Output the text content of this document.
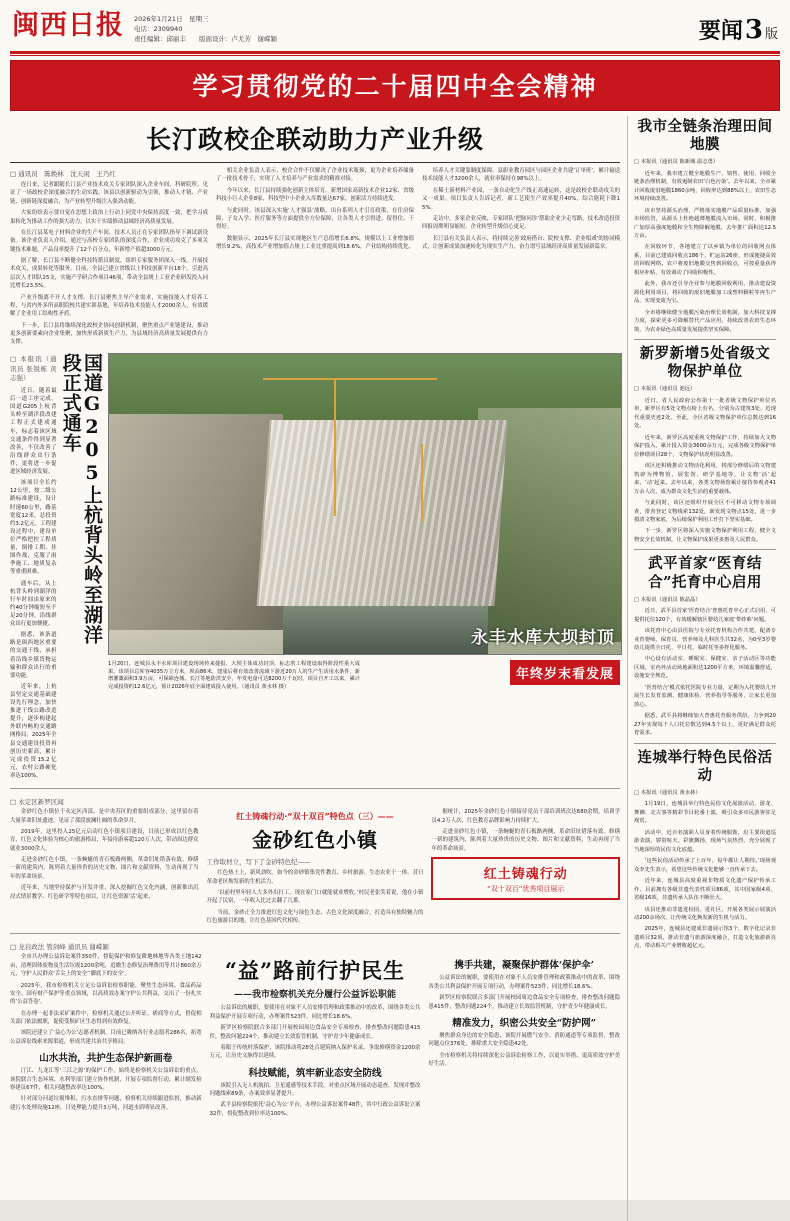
闽西日报 2026年1月21日　星期三
电话：2309940
责任编辑：邱丽丰　　版面设计：卢尤芳　谢嵘颖	要闻 3 版
学习贯彻党的二十届四中全会精神
长汀政校企联动助力产业升级
□ 通讯员　陈焕林　沈天闲　王乃红

连日来，记者跟随长汀县产业技术攻关专家团队深入企业车间、科研院所，见证了一场政校企深度融合的生动实践。该县以创新驱动为引领，推动人才链、产业链、创新链深度融合，为产业转型升级注入强劲动能。

大家纷纷表示要自觉在思想上政治上行动上同党中央保持高度一致，把学习成果转化为推动工作的强大动力，以实干实绩推动县域经济高质量发展。

在长汀县某电子材料企业的生产车间，技术人员正在专家团队指导下调试新设备。该企业负责人介绍，通过与高校专家团队的深度合作，企业成功攻克了多项关键技术难题，产品良率提升了12个百分点，年新增产值超3000万元。

据了解，长汀县不断健全科技特派员制度，组织专家服务团深入一线，开展技术攻关、成果转化等服务。目前，全县已建立省级以上科技创新平台18个，引进高层次人才团队25支，实施产学研合作项目46项，带动全县规上工业企业研发投入同比增长23.5%。

产业升级离不开人才支撑。长汀县聚焦主导产业需求，实施技能人才培养工程，与省内外多所高职院校共建实训基地，年培养技术技能人才2000余人，有效缓解了企业用工结构性矛盾。

下一步，长汀县将继续深化政校企协同创新机制，聚焦重点产业链建设，推动更多创新要素向企业集聚，加快形成新质生产力，为县域经济高质量发展提供有力支撑。

相关企业负责人表示，校企合作不仅解决了企业技术瓶颈，更为企业培养储备了一批技术骨干，实现了人才培养与产业需求的精准对接。

今年以来，长汀县持续强化创新主体培育，新增国家高新技术企业12家、省级科技小巨人企业8家，科技型中小企业入库数量达67家，创新活力持续迸发。

与此同时，该县深入实施‘人才强县’战略，出台系列人才引育政策，在住房保障、子女入学、医疗服务等方面提供全方位保障，让各类人才引得进、留得住、干得好。

数据显示，2025年长汀县实现地区生产总值增长6.8%，规模以上工业增加值增长9.2%，高技术产业增加值占规上工业比重提高到18.6%，产业结构持续优化。

培养人才关键靠制度保障。县职业教育园区与园区企业共建‘订单班’，累计输送技术技能人才3200余人，就业率保持在98%以上。

在稀土新材料产业园，一条自动化生产线正高速运转，这是政校企联动攻关的又一成果。项目负责人告诉记者，新工艺使生产效率提升40%，综合能耗下降15%。

走访中，多家企业反映，专家团队‘把脉问诊’帮助企业少走弯路，技术改造投资回报周期明显缩短，企业转型升级信心更足。

长汀县有关负责人表示，将持续完善‘政府搭台、院校支撑、企业唱戏’的协同模式，让创新成果加速转化为现实生产力，奋力谱写县域经济高质量发展新篇章。

□ 本报讯（通讯员 张锐栋 黄志强）

近日，随着最后一道工序完成，国道G205上杭背头岭至湖洋段改建工程正式建成通车，标志着该区域交通条件得到显著改善，不仅改善了沿线群众出行条件，更将进一步促进区域经济发展。

该项目全长约12公里，按二级公路标准建设，设计时速60公里，路基宽度12米，总投资约3.2亿元。工程建设过程中，建设单位严格把控工程质量，倒排工期、挂图作战，克服了雨季施工、地质复杂等重重困难。

通车后，从上杭背头岭到湖洋的行车时间由原来的约40分钟缩短至不足20分钟，沿线群众出行更加便捷。

据悉，该条道路是闽西地区重要的交通干线，承担着沿线乡镇货物运输和群众出行的重要功能。

近年来，上杭县坚定交通基础建设先行理念，加快推进干线公路改造提升，逐步构建起外联内畅的交通路网格局，2025年全县交通建设投资再创历史新高，累计完成投资15.2亿元，农村公路硬化率达100%。

国道G205上杭背头岭至湖洋段正式通车
永丰水库大坝封顶
1月20日，连城县永丰水库项目建设现场传来捷报，大坝主体成功封顶，标志着工程建设取得阶段性重大成果。该项目总库容4035万立方米，坝高86米，建成后将有效改善流域下游近20万人的生产生活用水条件，新增灌溉面积3.9万亩，可保障连城、长汀等地防洪安全，年发电量可达8200万千瓦时。项目自开工以来，累计完成投资约12.6亿元，预计2026年底全面建成投入使用。（通讯员 黄水林 摄）
年终岁末看发展
□ 永定区新罗区闻

金砂红色小镇位于永定区西部，是中央苏区的重要组成部分，这里留存着大量革命旧址遗迹，见证了那段波澜壮阔的革命岁月。

2019年，这里投入25亿元启动红色小镇项目建设，目前已形成以红色教育、红色文化体验为核心的旅游格局，年接待游客超120万人次，带动周边群众就业3000余人。

走进金砂红色小镇，一条蜿蜒的青石板路两侧，革命旧址错落有致。修缮一新的建筑内，陈列着大量珍贵的历史文物、图片和文献资料，生动再现了当年的革命场景。

近年来，当地坚持保护与开发并重，深入挖掘红色文化内涵，创新推出沉浸式情景教学、红色研学等特色项目，让红色资源‘活’起来。

红土铸魂行动·“双十双百”特色点（三）——
金砂红色小镇
工作取材立，写下了金砂特色纪——

红色热土上，新风劲吹。如今的金砂镇集党性教育、乡村旅游、生态农业于一体，昔日革命老区焕发新的生机活力。

‘以前村里年轻人大多外出打工，现在家门口就能就业增收。’村民老张笑着说，他在小镇开起了民宿，一年收入比过去翻了几番。

当前，金砂正全力推进红色文化与绿色生态、古色文化深度融合，打造具有独特魅力的红色旅游目的地，让红色基因代代相传。

据统计，2025年金砂红色小镇接待党员干部培训班次达680余期，培训学员4.2万人次，红色教育品牌影响力持续扩大。

走进金砂红色小镇，一条蜿蜒的青石板路两侧，革命旧址错落有致。修缮一新的建筑内，陈列着大量珍贵的历史文物、图片和文献资料，生动再现了当年的革命场景。

红土铸魂行动
“双十双百”优秀项目展示
□ 龙岩政法 管剑峰 通讯员 谢嵘颖

全市共办理公益诉讼案件350件，督促保护和修复耕地林地等各类土地142亩，清理固体废物及生活垃圾1200余吨，追缴生态修复治理费用等共计860余万元，守护人民群众‘舌尖上的安全’‘脚底下的安全’。

2025年，我市检察机关立足公益诉讼检察职能，聚焦生态环境、食品药品安全、国有财产保护等重点领域，以高质效办案守护公共利益，交出了一份扎实的‘公益答卷’。

在办理一起非法采矿案件中，检察机关通过公开听证、磋商等方式，督促相关部门依法履职，促使受损矿区生态得到有效修复。

该院还建立了‘益心为公’志愿者机制，目前已吸纳各行业志愿者286名，拓宽公益诉讼线索来源渠道，形成共建共治共享格局。

山水共治，共护生态保护新画卷

汀江、九龙江等‘三江之源’的保护工作，始终是检察机关公益诉讼的重点。该院联合生态环境、水利等部门建立协作机制，开展专项监督行动，累计制发检察建议67件，相关问题整改率达100%。

针对部分河道垃圾堆积、污水直排等问题，检察机关持续跟进监督，推动新建污水处理设施12座，日处理能力提升3万吨，河道水质明显改善。

“益”路前行护民生
——我市检察机关充分履行公益诉讼职能

公益诉讼的履职，要使用在对象不人员安排管理和政策推动中的改革，围绕各类公共利益保护开展专项行动，办理案件523件，同比增长18.6%。

新罗区检察院联合多部门开展校园周边食品安全专项检查，排查整改问题隐患415件，整改问题224个，推动建立长效监管机制，守护青少年健康成长。

着眼于传统村落保护，该院推动将28处古建筑纳入保护名录，争取修缮资金1200余万元，让历史文脉得以延续。

科技赋能，筑牢新业态安全防线

该院引入无人机航拍、卫星遥感等技术手段，对重点区域开展动态巡查，发现并整改问题线索89条，办案效率显著提升。

武平县检察院依托‘益心为公’平台，办理公益诉讼案件48件，其中行政公益诉讼立案32件，督促整改到位率达100%。

携手共建，凝聚保护群体‘保护伞’

公益诉讼的履职，要使用在对象不人员安排管理和政策推动中的改革，围绕各类公共利益保护开展专项行动，办理案件523件，同比增长18.6%。

新罗区检察院联合多部门开展校园周边食品安全专项检查，排查整改问题隐患415件，整改问题224个，推动建立长效监管机制，守护青少年健康成长。

精准发力，织密公共安全“防护网”

聚焦群众身边的安全隐患，该院开展燃气安全、消防通道等专项监督，整改问题点位376处，排除重大安全隐患42处。

全市检察机关将持续深化公益诉讼检察工作，以更实举措、更高质效守护美好生活。

我市全链条治理田间地膜

□ 本报讯（通讯员 陈新城 温志勇）

近年来，我市建立健全地膜生产、销售、使用、回收全链条治理机制，有效遏制农田‘白色污染’。去年以来，全市累计回收废旧地膜1860余吨，回收率达到88%以上，农田生态环境持续改善。

该市坚持源头治理，严格落实地膜产品质量标准，加强市场监管，从源头上杜绝超薄地膜流入市场。同时，积极推广加厚高强度地膜和全生物降解地膜，去年推广面积达12.5万亩。

在回收环节，各地建立了以乡镇为单位的回收网点体系，目前已建成回收点186个、贮运站26座，形成便捷高效的回收网络。农户将废旧地膜交售到回收点，可按重量获得相应补贴，有效调动了回收积极性。

此外，我市还引导企业参与地膜回收利用，推动建设资源化利用项目，将回收的废旧地膜加工成塑料颗粒等再生产品，实现变废为宝。

全市将继续健全地膜污染治理长效机制，加大科技支撑力度，探索更多可降解替代产品应用，持续改善农田生态环境，为农业绿色高质量发展提供坚实保障。

新罗新增5处省级文物保护单位

□ 本报讯（通讯员 池远）

近日，省人民政府公布第十一批省级文物保护单位名单，新罗区有5处文物点榜上有名，分别为古建筑3处、近现代重要史迹2处。至此，全区省级文物保护单位总数达到16处。

近年来，新罗区高度重视文物保护工作，持续加大文物保护投入，累计投入资金3600余万元，完成各级文物保护单位修缮项目28个，文物保护状况明显改善。

该区还积极推动文物活化利用，将部分修缮后的文物建筑辟为博物馆、展览馆、研学基地等，让文物‘活’起来、‘动’起来。去年以来，各类文物场馆累计接待参观者41万余人次，成为群众文化生活的重要载体。

与此同时，该区还组织开展全区不可移动文物专项调查，排查登记文物线索132处，新发现文物点15处，进一步摸清文物家底，为后续保护利用工作打下坚实基础。

下一步，新罗区将深入实施文物保护利用工程，健全文物安全长效机制，让文物保护成果更多惠及人民群众。

武平首家“医育结合”托育中心启用

□ 本报讯（通讯员 陈晶晶）

近日，武平县首家‘医育结合’普惠托育中心正式启用，可提供托位120个，有效缓解辖区婴幼儿家庭‘带娃难’问题。

该托育中心由县医院与专业托育机构合作共建，配备专业育婴师、保育员、营养师及儿科医生共32名，为0至3岁婴幼儿提供全日托、半日托、临时托等多样化服务。

中心设有活动室、睡眠室、保健室、亲子活动区等功能区域，室内外活动场地面积达1200平方米，环境温馨舒适，设施安全规范。

‘医育结合’模式依托医院专业力量，定期为入托婴幼儿开展生长发育监测、健康体检、营养指导等服务，让家长更加放心。

据悉，武平县将继续加大普惠托育服务供给，力争到2027年实现每千人口托位数达到4.5个以上，更好满足群众托育需求。

连城举行特色民俗活动

□ 本报讯（通讯员 黄水林）

1月19日，连城县举行特色民俗文化展演活动，游龙、舞狮、走古事等精彩节目轮番上演，吸引众多市民游客驻足观赏。

活动中，近百名演职人员身着传统服饰，沿主要街道巡游表演，锣鼓喧天、彩旗飘扬，现场气氛热烈，充分展现了当地深厚的民俗文化底蕴。

‘这些民俗活动传承了上百年，每年都让人期待。’现场观众李先生表示，希望这些传统文化能够一直传承下去。

近年来，连城县高度重视非物质文化遗产保护传承工作，目前拥有各级非遗代表性项目86项，其中国家级4项、省级16项，非遗传承人队伍不断壮大。

该县还推动非遗进校园、进社区，开展各类展示展演活动200余场次，让传统文化焕发新的生机与活力。

2025年，连城县还建成非遗展示馆3个，数字化记录非遗项目32项，推动非遗与旅游深度融合，打造文化旅游新亮点，带动相关产业增收超亿元。
